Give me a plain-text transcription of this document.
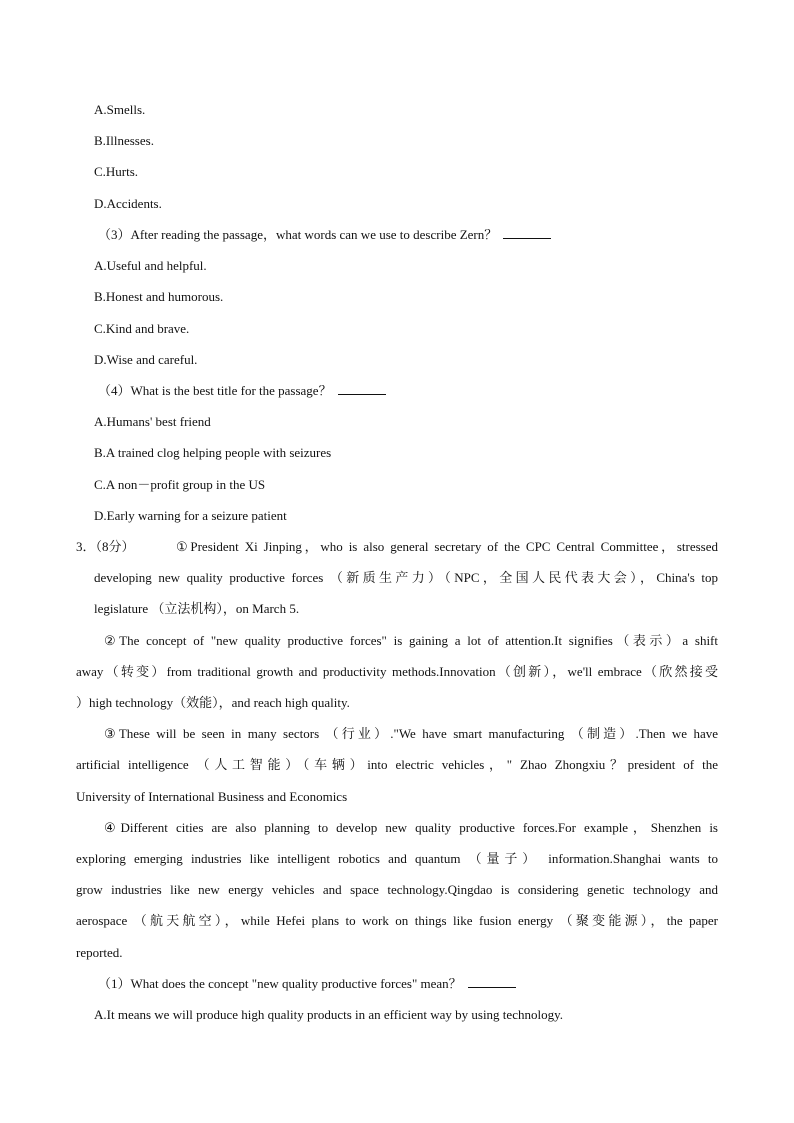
A.Smells.
B.Illnesses.
C.Hurts.
D.Accidents.
（3）After reading the passage，what words can we use to describe Zern？
A.Useful and helpful.
B.Honest and humorous.
C.Kind and brave.
D.Wise and careful.
（4）What is the best title for the passage？
A.Humans' best friend
B.A trained clog helping people with seizures
C.A non－profit group in the US
D.Early warning for a seizure patient
3．（8分）	①President Xi Jinping，who is also general secretary of the CPC Central Committee，stressed
developing new quality productive forces （新质生产力）（NPC，全国人民代表大会），China's top
legislature （立法机构），on March 5.
②The concept of "new quality productive forces" is gaining a lot of attention.It signifies（表示）a shift
away（转变）from traditional growth and productivity methods.Innovation（创新），we'll embrace（欣然接受
）high technology（效能），and reach high quality.
③These will be seen in many sectors （行业）."We have smart manufacturing （制造）.Then we have
artificial intelligence （人工智能）（车辆）into electric vehicles，" Zhao Zhongxiu？president of the
University of International Business and Economics
④Different cities are also planning to develop new quality productive forces.For example，Shenzhen is
exploring emerging industries like intelligent robotics and quantum （量子） information.Shanghai wants to
grow industries like new energy vehicles and space technology.Qingdao is considering genetic technology and
aerospace （航天航空），while Hefei plans to work on things like fusion energy （聚变能源），the paper
reported.
（1）What does the concept "new quality productive forces" mean？
A.It means we will produce high quality products in an efficient way by using technology.
